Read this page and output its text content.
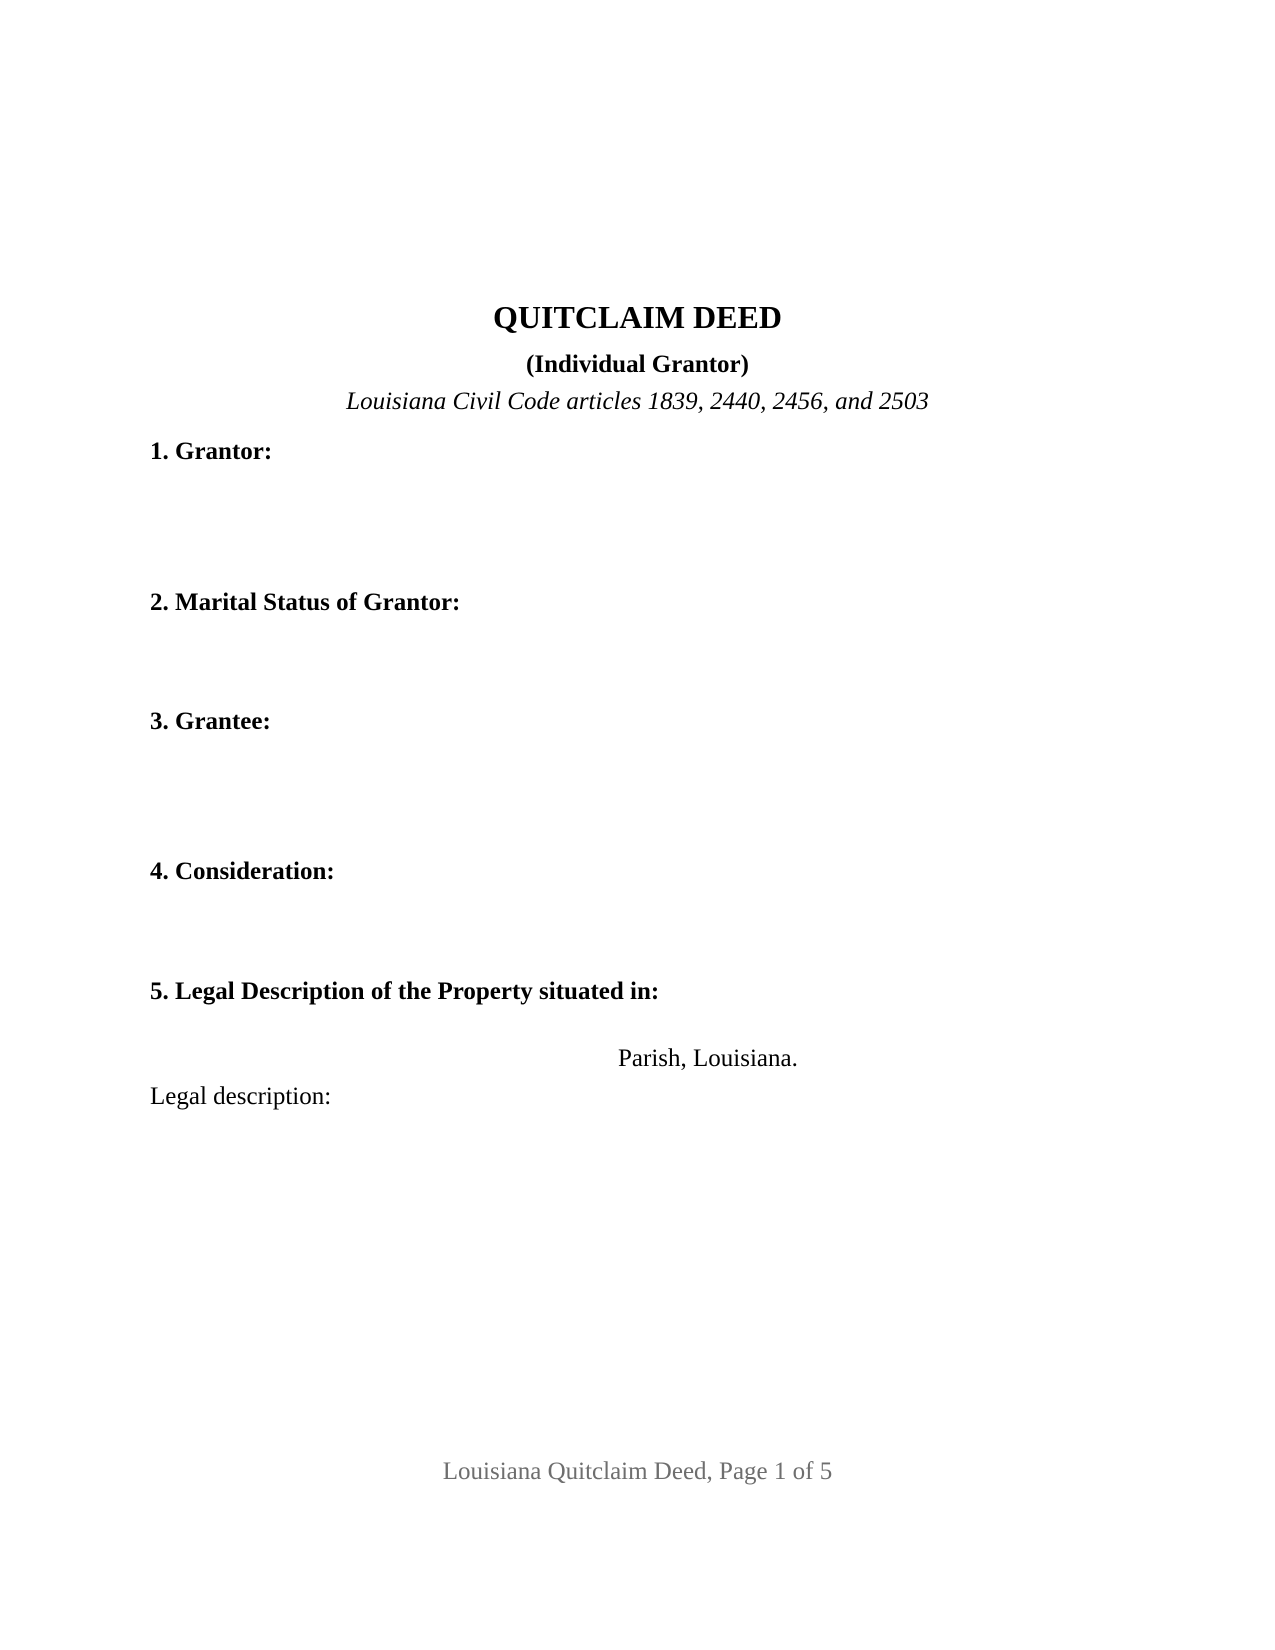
QUITCLAIM DEED
(Individual Grantor)
Louisiana Civil Code articles 1839, 2440, 2456, and 2503
1. Grantor:
2. Marital Status of Grantor:
3. Grantee:
4. Consideration:
5. Legal Description of the Property situated in:
Parish, Louisiana.
Legal description:
Louisiana Quitclaim Deed, Page 1 of 5
